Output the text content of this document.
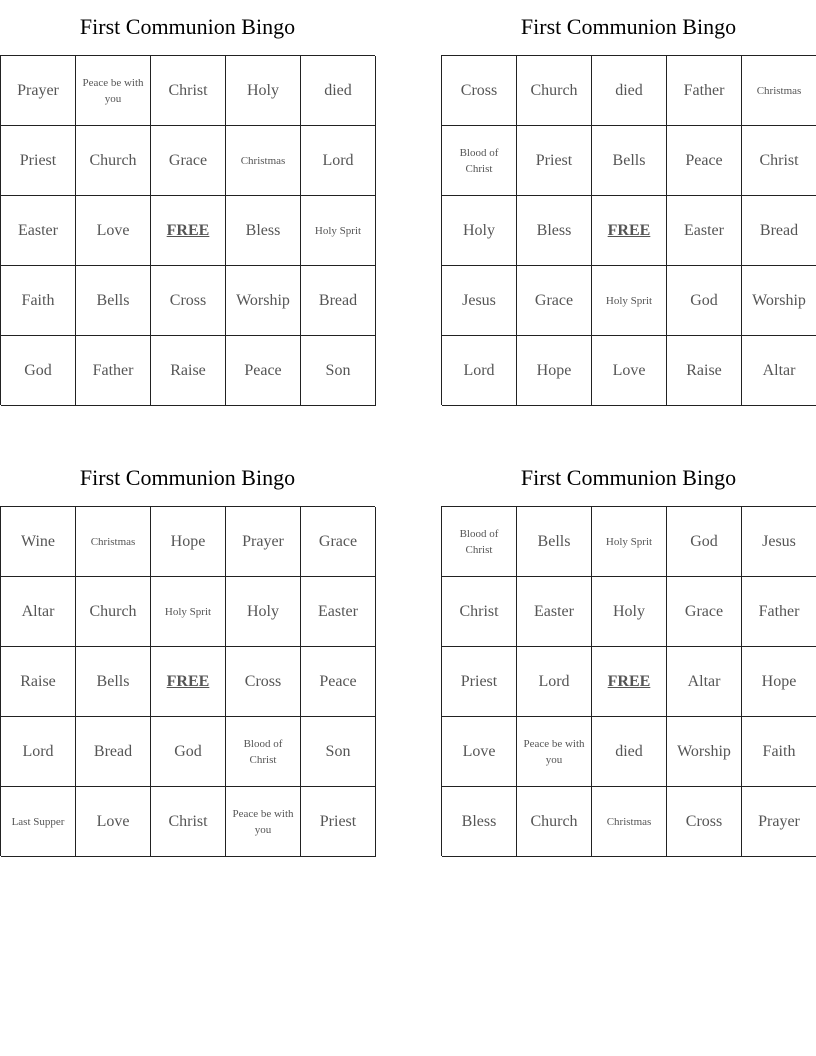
First Communion Bingo
Prayer	Peace be with you	Christ	Holy	died
Priest	Church	Grace	Christmas	Lord
Easter	Love	FREE	Bless	Holy Sprit
Faith	Bells	Cross	Worship	Bread
God	Father	Raise	Peace	Son
First Communion Bingo
Cross	Church	died	Father	Christmas
Blood of Christ	Priest	Bells	Peace	Christ
Holy	Bless	FREE	Easter	Bread
Jesus	Grace	Holy Sprit	God	Worship
Lord	Hope	Love	Raise	Altar
First Communion Bingo
Wine	Christmas	Hope	Prayer	Grace
Altar	Church	Holy Sprit	Holy	Easter
Raise	Bells	FREE	Cross	Peace
Lord	Bread	God	Blood of Christ	Son
Last Supper	Love	Christ	Peace be with you	Priest
First Communion Bingo
Blood of Christ	Bells	Holy Sprit	God	Jesus
Christ	Easter	Holy	Grace	Father
Priest	Lord	FREE	Altar	Hope
Love	Peace be with you	died	Worship	Faith
Bless	Church	Christmas	Cross	Prayer
